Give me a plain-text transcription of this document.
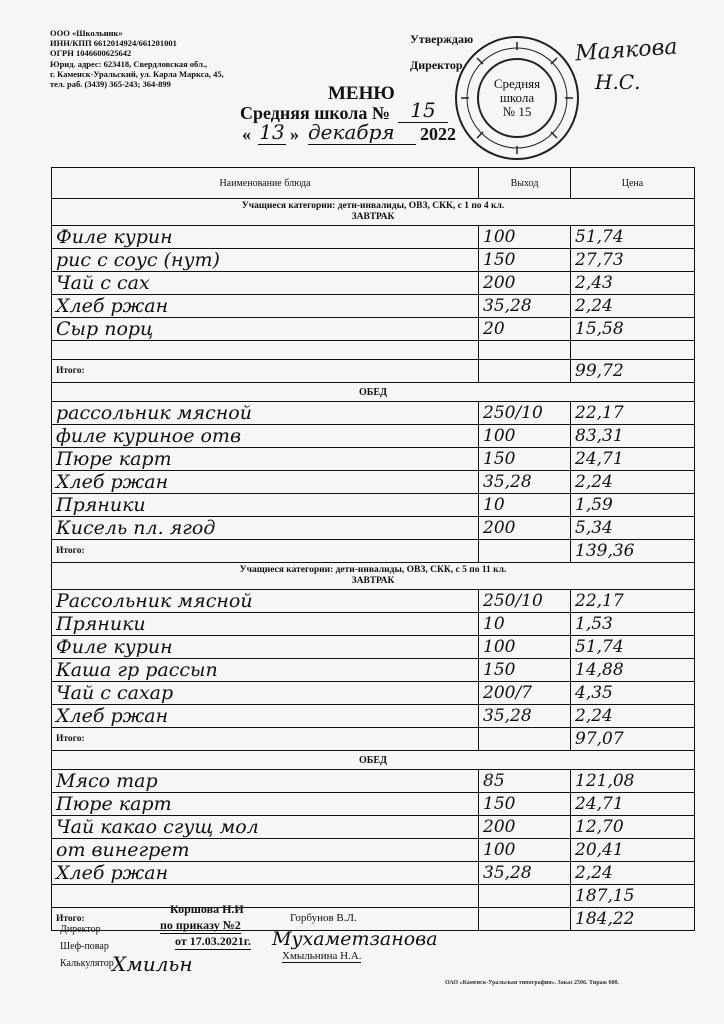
ООО «Школьник»
ИНН/КПП 6612014924/661201001
ОГРН 1046600625642
Юрид. адрес: 623418, Свердловская обл.,
г. Каменск-Уральский, ул. Карла Маркса, 45,
тел. раб. (3439) 365-243; 364-899
Утверждаю
Директор	Маякова
Н.С.
Средняя
школа
№ 15
МЕНЮ
Средняя школа №	15
« 13 » декабря	2022
Наименование блюда	Выход	Цена

Учащиеся категории: дети-инвалиды, ОВЗ, СКК, с 1 по 4 кл.
ЗАВТРАК		

Филе курин	100	51,74
рис с соус (нут)	150	27,73
Чай с сах	200	2,43
Хлеб ржан	35,28	2,24
Сыр порц	20	15,58

Итого:		99,72
ОБЕД		
рассольник мясной	250/10	22,17
филе куриное отв	100	83,31
Пюре карт	150	24,71
Хлеб ржан	35,28	2,24
Пряники	10	1,59
Кисель пл. ягод	200	5,34
Итого:		139,36

Учащиеся категории: дети-инвалиды, ОВЗ, СКК, с 5 по 11 кл.
ЗАВТРАК		

Рассольник мясной	250/10	22,17
Пряники	10	1,53
Филе курин	100	51,74
Каша гр рассып	150	14,88
Чай с сахар	200/7	4,35
Хлеб ржан	35,28	2,24
Итого:		97,07
ОБЕД		
Мясо тар	85	121,08
Пюре карт	150	24,71
Чай какао сгущ мол	200	12,70
от винегрет	100	20,41
Хлеб ржан	35,28	2,24
		187,15
Итого:		184,22
Директор
Шеф-повар
Калькулятор
Коршова Н.И
по приказу №2
от 17.03.2021г.
Горбунов В.Л.
Мухаметзанова
Хмильн	Хмыльнина Н.А.
ОАО «Каменск-Уральская типография». Заказ 2506. Тираж 600.
